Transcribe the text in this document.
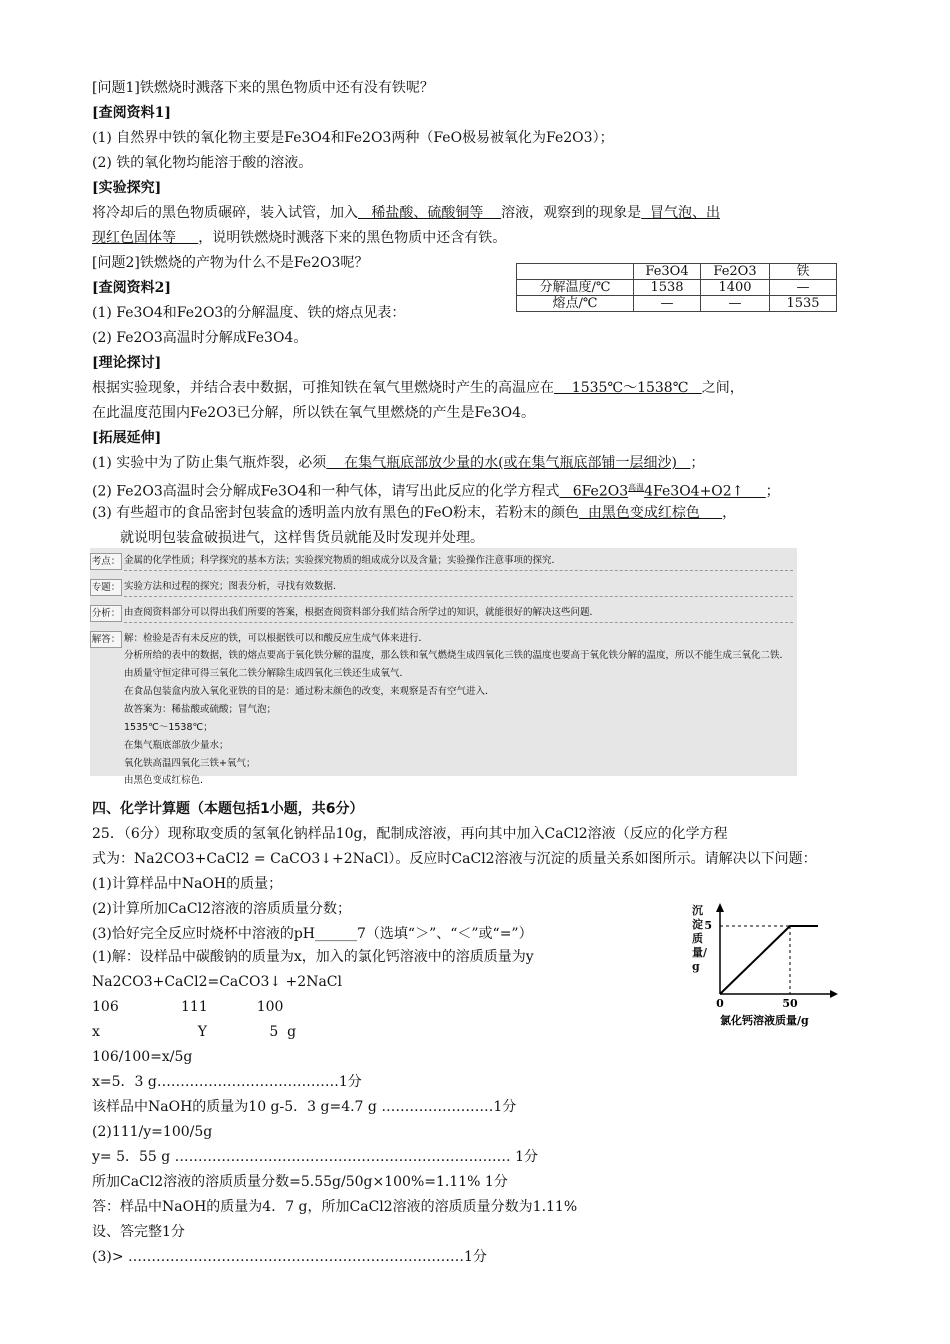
[问题1]铁燃烧时溅落下来的黑色物质中还有没有铁呢？
[查阅资料1]
(1) 自然界中铁的氧化物主要是Fe3O4和Fe2O3两种（FeO极易被氧化为Fe2O3）；
(2) 铁的氧化物均能溶于酸的溶液。
[实验探究]
将冷却后的黑色物质碾碎，装入试管，加入   稀盐酸、硫酸铜等    溶液，观察到的现象是  冒气泡、出
现红色固体等     ，说明铁燃烧时溅落下来的黑色物质中还含有铁。
[问题2]铁燃烧的产物为什么不是Fe2O3呢？
[查阅资料2]
(1) Fe3O4和Fe2O3的分解温度、铁的熔点见表：
(2) Fe2O3高温时分解成Fe3O4。
	Fe3O4	Fe2O3	铁
分解温度/℃	1538	1400	—
熔点/℃	—	—	1535
[理论探讨]
根据实验现象，并结合表中数据，可推知铁在氧气里燃烧时产生的高温应在    1535℃～1538℃   之间，
在此温度范围内Fe2O3已分解，所以铁在氧气里燃烧的产生是Fe3O4。
[拓展延伸]
(1) 实验中为了防止集气瓶炸裂，必须    在集气瓶底部放少量的水(或在集气瓶底部铺一层细沙)   ；
(2) Fe2O3高温时会分解成Fe3O4和一种气体，请写出此反应的化学方程式   $6Fe2O3^{高温}4Fe3O4+O2↑$     ；
(3) 有些超市的食品密封包装盒的透明盖内放有黑色的FeO粉末，若粉末的颜色  由黑色变成红棕色     ，
就说明包装盒破损进气，这样售货员就能及时发现并处理。
考点： 金属的化学性质；科学探究的基本方法；实验探究物质的组成成分以及含量；实验操作注意事项的探究．
专题： 实验方法和过程的探究；图表分析，寻找有效数据．
分析： 由查阅资料部分可以得出我们所要的答案，根据查阅资料部分我们结合所学过的知识，就能很好的解决这些问题．
解答： 解：检验是否有未反应的铁，可以根据铁可以和酸反应生成气体来进行．
分析所给的表中的数据，铁的熔点要高于氧化铁分解的温度，那么铁和氧气燃烧生成四氧化三铁的温度也要高于氧化铁分解的温度，所以不能生成三氧化二铁．
由质量守恒定律可得三氧化二铁分解除生成四氧化三铁还生成氧气．
在食品包装盒内放入氧化亚铁的目的是：通过粉末颜色的改变，来观察是否有空气进入．
故答案为：稀盐酸或硫酸；冒气泡；
1535℃～1538℃；
在集气瓶底部放少量水；
氧化铁高温四氧化三铁+氧气；
由黑色变成红棕色．
四、化学计算题（本题包括1小题，共6分）
25．（6分）现称取变质的氢氧化钠样品10g，配制成溶液，再向其中加入CaCl2溶液（反应的化学方程
式为：Na2CO3+CaCl2 = CaCO3↓+2NaCl）。反应时CaCl2溶液与沉淀的质量关系如图所示。请解决以下问题：
(1)计算样品中NaOH的质量；
(2)计算所加CaCl2溶液的溶质质量分数；
(3)恰好完全反应时烧杯中溶液的pH______7（选填“＞”、“＜”或“=”）
(1)解：设样品中碳酸钠的质量为x，加入的氯化钙溶液中的溶质质量为y
Na2CO3+CaCl2=CaCO3↓ +2NaCl
106              111           100
x                      Y              5  g
106/100=x/5g
x=5．3 g…………………………………1分
该样品中NaOH的质量为10 g-5．3 g=4.7 g ……………………1分
(2)111/y=100/5g
y= 5．55 g ……………………………………………………………… 1分
所加CaCl2溶液的溶质质量分数=5.55g/50g×100%=1.11% 1分
答：样品中NaOH的质量为4．7 g，所加CaCl2溶液的溶质质量分数为1.11%
设、答完整1分
(3)> ………………………………………………………………1分
5
0	50
氯化钙溶液质量/g
沉淀质量/g
